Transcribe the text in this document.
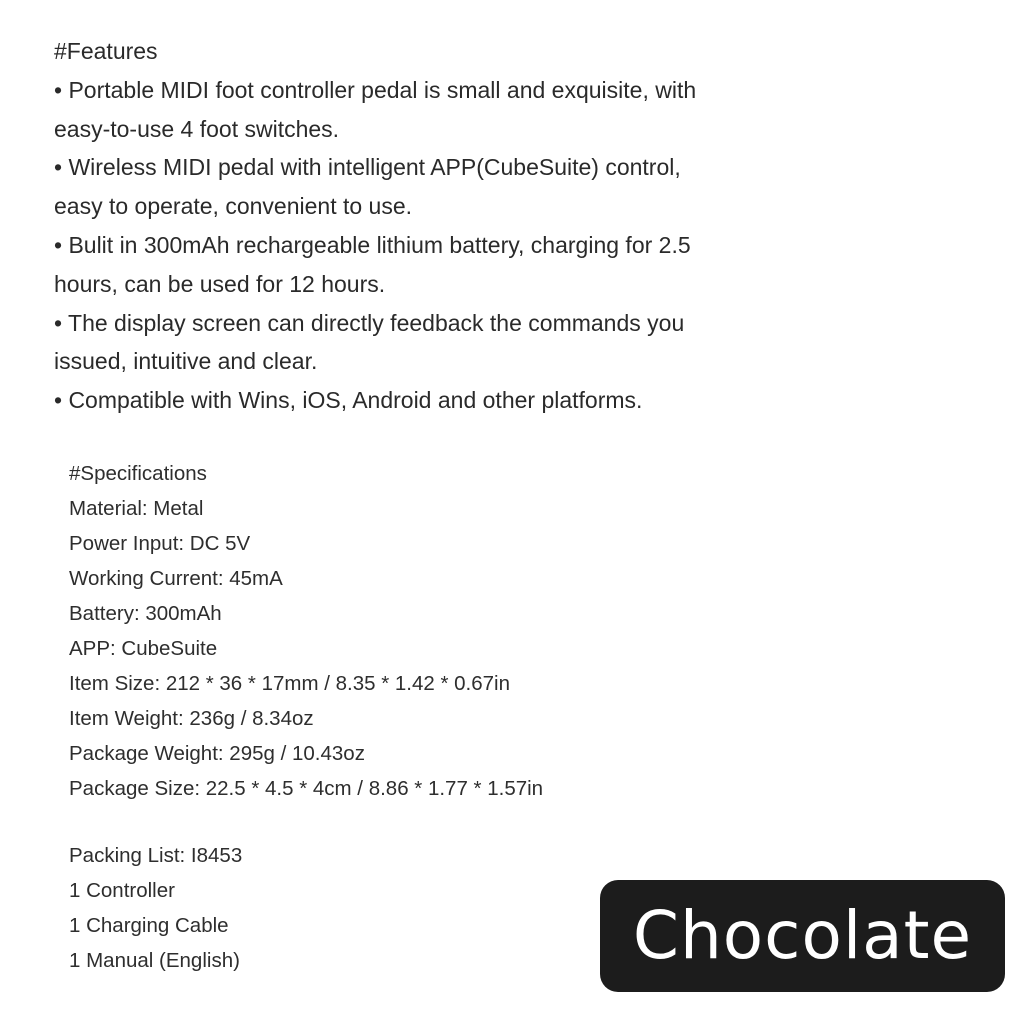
#Features
• Portable MIDI foot controller pedal is small and exquisite, with
easy-to-use 4 foot switches.
• Wireless MIDI pedal with intelligent APP(CubeSuite) control,
easy to operate, convenient to use.
• Bulit in 300mAh rechargeable lithium battery, charging for 2.5
hours, can be used for 12 hours.
• The display screen can directly feedback the commands you
issued, intuitive and clear.
• Compatible with Wins, iOS, Android and other platforms.
#Specifications
Material: Metal
Power Input: DC 5V
Working Current: 45mA
Battery: 300mAh
APP: CubeSuite
Item Size: 212 * 36 * 17mm / 8.35 * 1.42 * 0.67in
Item Weight: 236g / 8.34oz
Package Weight: 295g / 10.43oz
Package Size: 22.5 * 4.5 * 4cm / 8.86 * 1.77 * 1.57in
Packing List: I8453
1 Controller
1 Charging Cable
1 Manual (English)	Chocolate
